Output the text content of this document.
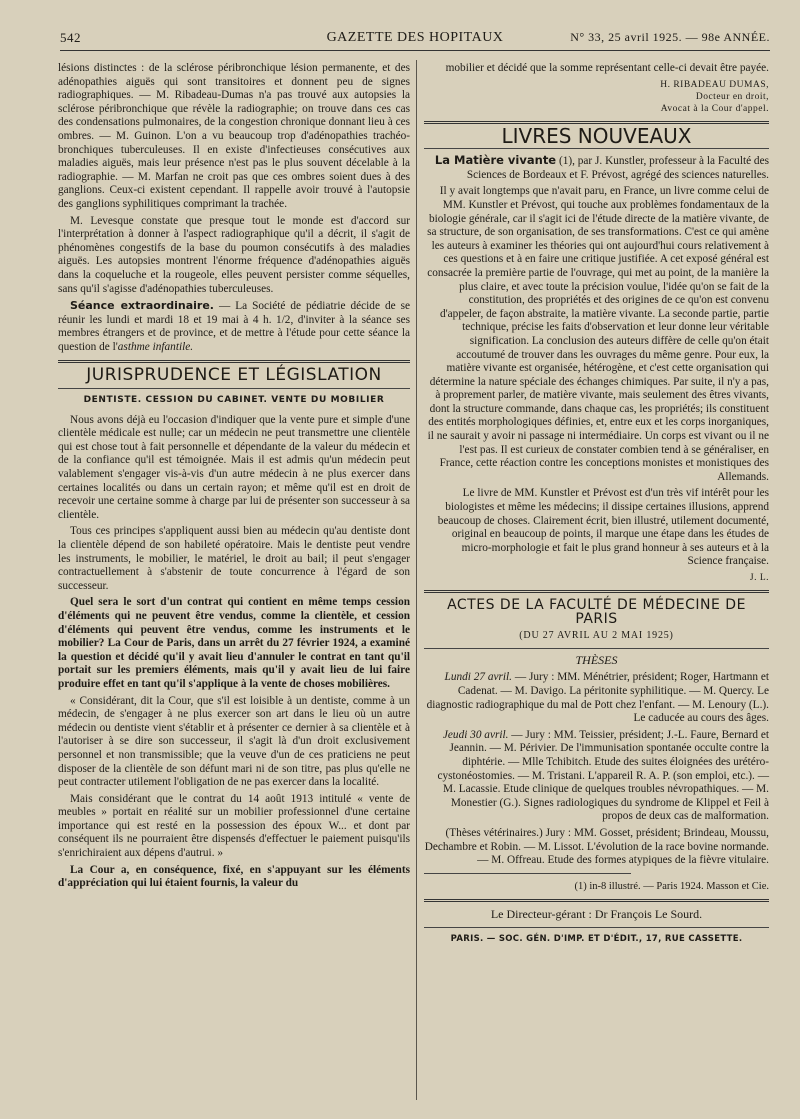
542	GAZETTE DES HOPITAUX	N° 33, 25 avril 1925. — 98e ANNÉE.

lésions distinctes : de la sclérose péribronchique lésion permanente, et des adénopathies aiguës qui sont transitoires et donnent peu de signes radiographiques. — M. Ribadeau-Dumas n'a pas trouvé aux autopsies la sclérose péribronchique que révèle la radiographie; on trouve dans ces cas des condensations pulmonaires, de la congestion chronique donnant lieu à ces ombres. — M. Guinon. L'on a vu beaucoup trop d'adénopathies trachéo-bronchiques tuberculeuses. Il en existe d'infectieuses consécutives aux maladies aiguës, mais leur présence n'est pas le plus souvent décelable à la radiographie. — M. Marfan ne croit pas que ces ombres soient dues à des ganglions. Ceux-ci existent cependant. Il rappelle avoir trouvé à l'autopsie des ganglions syphilitiques comprimant la trachée.

M. Levesque constate que presque tout le monde est d'accord sur l'interprétation à donner à l'aspect radiographique qu'il a décrit, il s'agit de phénomènes congestifs de la base du poumon consécutifs à des maladies aiguës. Les autopsies montrent l'énorme fréquence d'adénopathies aiguës dans la coqueluche et la rougeole, elles peuvent persister comme séquelles, sans qu'il s'agisse d'adénopathies tuberculeuses.

Séance extraordinaire. — La Société de pédiatrie décide de se réunir les lundi et mardi 18 et 19 mai à 4 h. 1/2, d'inviter à la séance ses membres étrangers et de province, et de mettre à l'étude pour cette séance la question de l'asthme infantile.

JURISPRUDENCE ET LÉGISLATION
DENTISTE. CESSION DU CABINET. VENTE DU MOBILIER

Nous avons déjà eu l'occasion d'indiquer que la vente pure et simple d'une clientèle médicale est nulle; car un médecin ne peut transmettre une clientèle qui est chose tout à fait personnelle et dépendante de la valeur du médecin et de la confiance qu'il est témoignée. Mais il est admis qu'un médecin peut valablement s'engager vis-à-vis d'un autre médecin à ne plus exercer dans certaines localités ou dans un certain rayon; et même qu'il est en droit de recevoir une certaine somme à charge par lui de présenter son successeur à sa clientèle.

Tous ces principes s'appliquent aussi bien au médecin qu'au dentiste dont la clientèle dépend de son habileté opératoire. Mais le dentiste peut vendre les instruments, le mobilier, le matériel, le droit au bail; il peut s'engager contractuellement à s'abstenir de toute concurrence à l'égard de son successeur.

Quel sera le sort d'un contrat qui contient en même temps cession d'éléments qui ne peuvent être vendus, comme la clientèle, et cession d'éléments qui peuvent être vendus, comme les instruments et le mobilier? La Cour de Paris, dans un arrêt du 27 février 1924, a examiné la question et décidé qu'il y avait lieu d'annuler le contrat en tant qu'il portait sur les premiers éléments, mais qu'il y avait lieu de lui faire produire effet en tant qu'il s'applique à la vente de choses mobilières.

« Considérant, dit la Cour, que s'il est loisible à un dentiste, comme à un médecin, de s'engager à ne plus exercer son art dans le lieu où un autre médecin ou dentiste vient s'établir et à présenter ce dernier à sa clientèle et à l'autoriser à se dire son successeur, il s'agit là d'un droit exclusivement personnel et non transmissible; que la veuve d'un de ces praticiens ne peut disposer de la clientèle de son défunt mari ni de son titre, pas plus qu'elle ne peut contracter utilement l'obligation de ne pas exercer dans la localité.

Mais considérant que le contrat du 14 août 1913 intitulé « vente de meubles » portait en réalité sur un mobilier professionnel d'une certaine importance qui est resté en la possession des époux W... et dont par conséquent ils ne pourraient être dispensés d'effectuer le paiement puisqu'ils s'enrichiraient aux dépens d'autrui. »

La Cour a, en conséquence, fixé, en s'appuyant sur les éléments d'appréciation qui lui étaient fournis, la valeur du

mobilier et décidé que la somme représentant celle-ci devait être payée.

H. RIBADEAU DUMAS,
Docteur en droit,
Avocat à la Cour d'appel.
LIVRES NOUVEAUX

La Matière vivante (1), par J. Kunstler, professeur à la Faculté des Sciences de Bordeaux et F. Prévost, agrégé des sciences naturelles.

Il y avait longtemps que n'avait paru, en France, un livre comme celui de MM. Kunstler et Prévost, qui touche aux problèmes fondamentaux de la biologie générale, car il s'agit ici de l'étude directe de la matière vivante, de sa structure, de son organisation, de ses transformations. C'est ce qui amène les auteurs à examiner les théories qui ont aujourd'hui cours relativement à ces questions et à en faire une critique justifiée. A cet exposé général est consacrée la première partie de l'ouvrage, qui met au point, de la manière la plus claire, et avec toute la précision voulue, l'idée qu'on se fait de la constitution, des propriétés et des origines de ce qu'on est convenu d'appeler, de façon abstraite, la matière vivante. La seconde partie, partie technique, précise les faits d'observation et leur donne leur véritable signification. La conclusion des auteurs diffère de celle qu'on était accoutumé de trouver dans les ouvrages du même genre. Pour eux, la matière vivante est organisée, hétérogène, et c'est cette organisation qui détermine la nature spéciale des échanges chimiques. Par suite, il n'y a pas, à proprement parler, de matière vivante, mais seulement des êtres vivants, dont la structure commande, dans chaque cas, les propriétés; ils constituent des entités morphologiques définies, et, entre eux et les corps inorganiques, il ne saurait y avoir ni passage ni intermédiaire. Un corps est vivant ou il ne l'est pas. Il est curieux de constater combien tend à se généraliser, en France, cette réaction contre les conceptions monistes et monistiques des Allemands.

Le livre de MM. Kunstler et Prévost est d'un très vif intérêt pour les biologistes et même les médecins; il dissipe certaines illusions, apprend beaucoup de choses. Clairement écrit, bien illustré, utilement documenté, original en beaucoup de points, il marque une étape dans les études de micro-morphologie et fait le plus grand honneur à ses auteurs et à la Science française.

J. L.
ACTES DE LA FACULTÉ DE MÉDECINE DE PARIS
(DU 27 AVRIL AU 2 MAI 1925)
THÈSES

Lundi 27 avril. — Jury : MM. Ménétrier, président; Roger, Hartmann et Cadenat. — M. Davigo. La péritonite syphilitique. — M. Quercy. Le diagnostic radiographique du mal de Pott chez l'enfant. — M. Lenoury (L.). Le caducée au cours des âges.

Jeudi 30 avril. — Jury : MM. Teissier, président; J.-L. Faure, Bernard et Jeannin. — M. Périvier. De l'immunisation spontanée occulte contre la diphtérie. — Mlle Tchibitch. Etude des suites éloignées des urétéro-cystonéostomies. — M. Tristani. L'appareil R. A. P. (son emploi, etc.). — M. Lacassie. Etude clinique de quelques troubles névropathiques. — M. Monestier (G.). Signes radiologiques du syndrome de Klippel et Feil à propos de deux cas de malformation.

(Thèses vétérinaires.) Jury : MM. Gosset, président; Brindeau, Moussu, Dechambre et Robin. — M. Lissot. L'évolution de la race bovine normande. — M. Offreau. Etude des formes atypiques de la fièvre vitulaire.

(1) in-8 illustré. — Paris 1924. Masson et Cie.

Le Directeur-gérant : Dr François Le Sourd.

PARIS. — SOC. GÉN. D'IMP. ET D'ÉDIT., 17, RUE CASSETTE.
